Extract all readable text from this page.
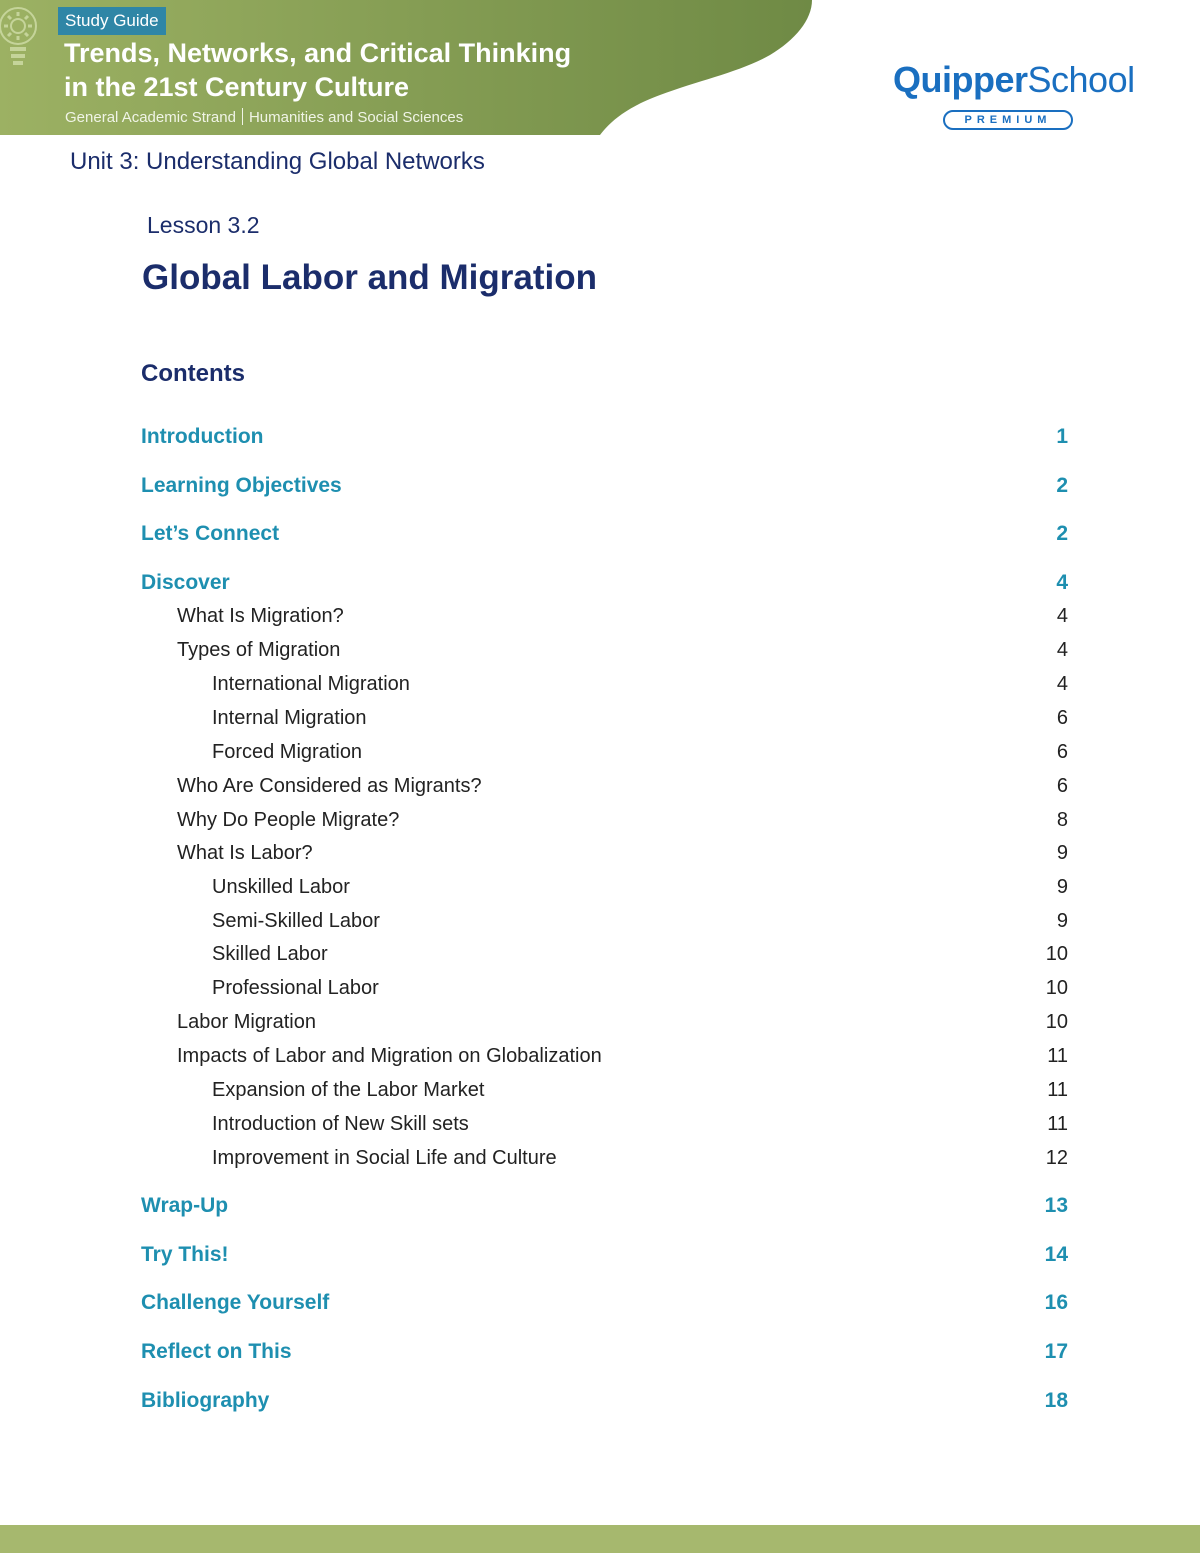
Study Guide
Trends, Networks, and Critical Thinking
in the 21st Century Culture
General Academic Strand Humanities and Social Sciences
QuipperSchool
PREMIUM
Unit 3: Understanding Global Networks
Lesson 3.2
Global Labor and Migration
Contents
Introduction	1
Learning Objectives	2
Let’s Connect	2
Discover	4
What Is Migration?	4
Types of Migration	4
International Migration	4
Internal Migration	6
Forced Migration	6
Who Are Considered as Migrants?	6
Why Do People Migrate?	8
What Is Labor?	9
Unskilled Labor	9
Semi-Skilled Labor	9
Skilled Labor	10
Professional Labor	10
Labor Migration	10
Impacts of Labor and Migration on Globalization	11
Expansion of the Labor Market	11
Introduction of New Skill sets	11
Improvement in Social Life and Culture	12
Wrap-Up	13
Try This!	14
Challenge Yourself	16
Reflect on This	17
Bibliography	18
